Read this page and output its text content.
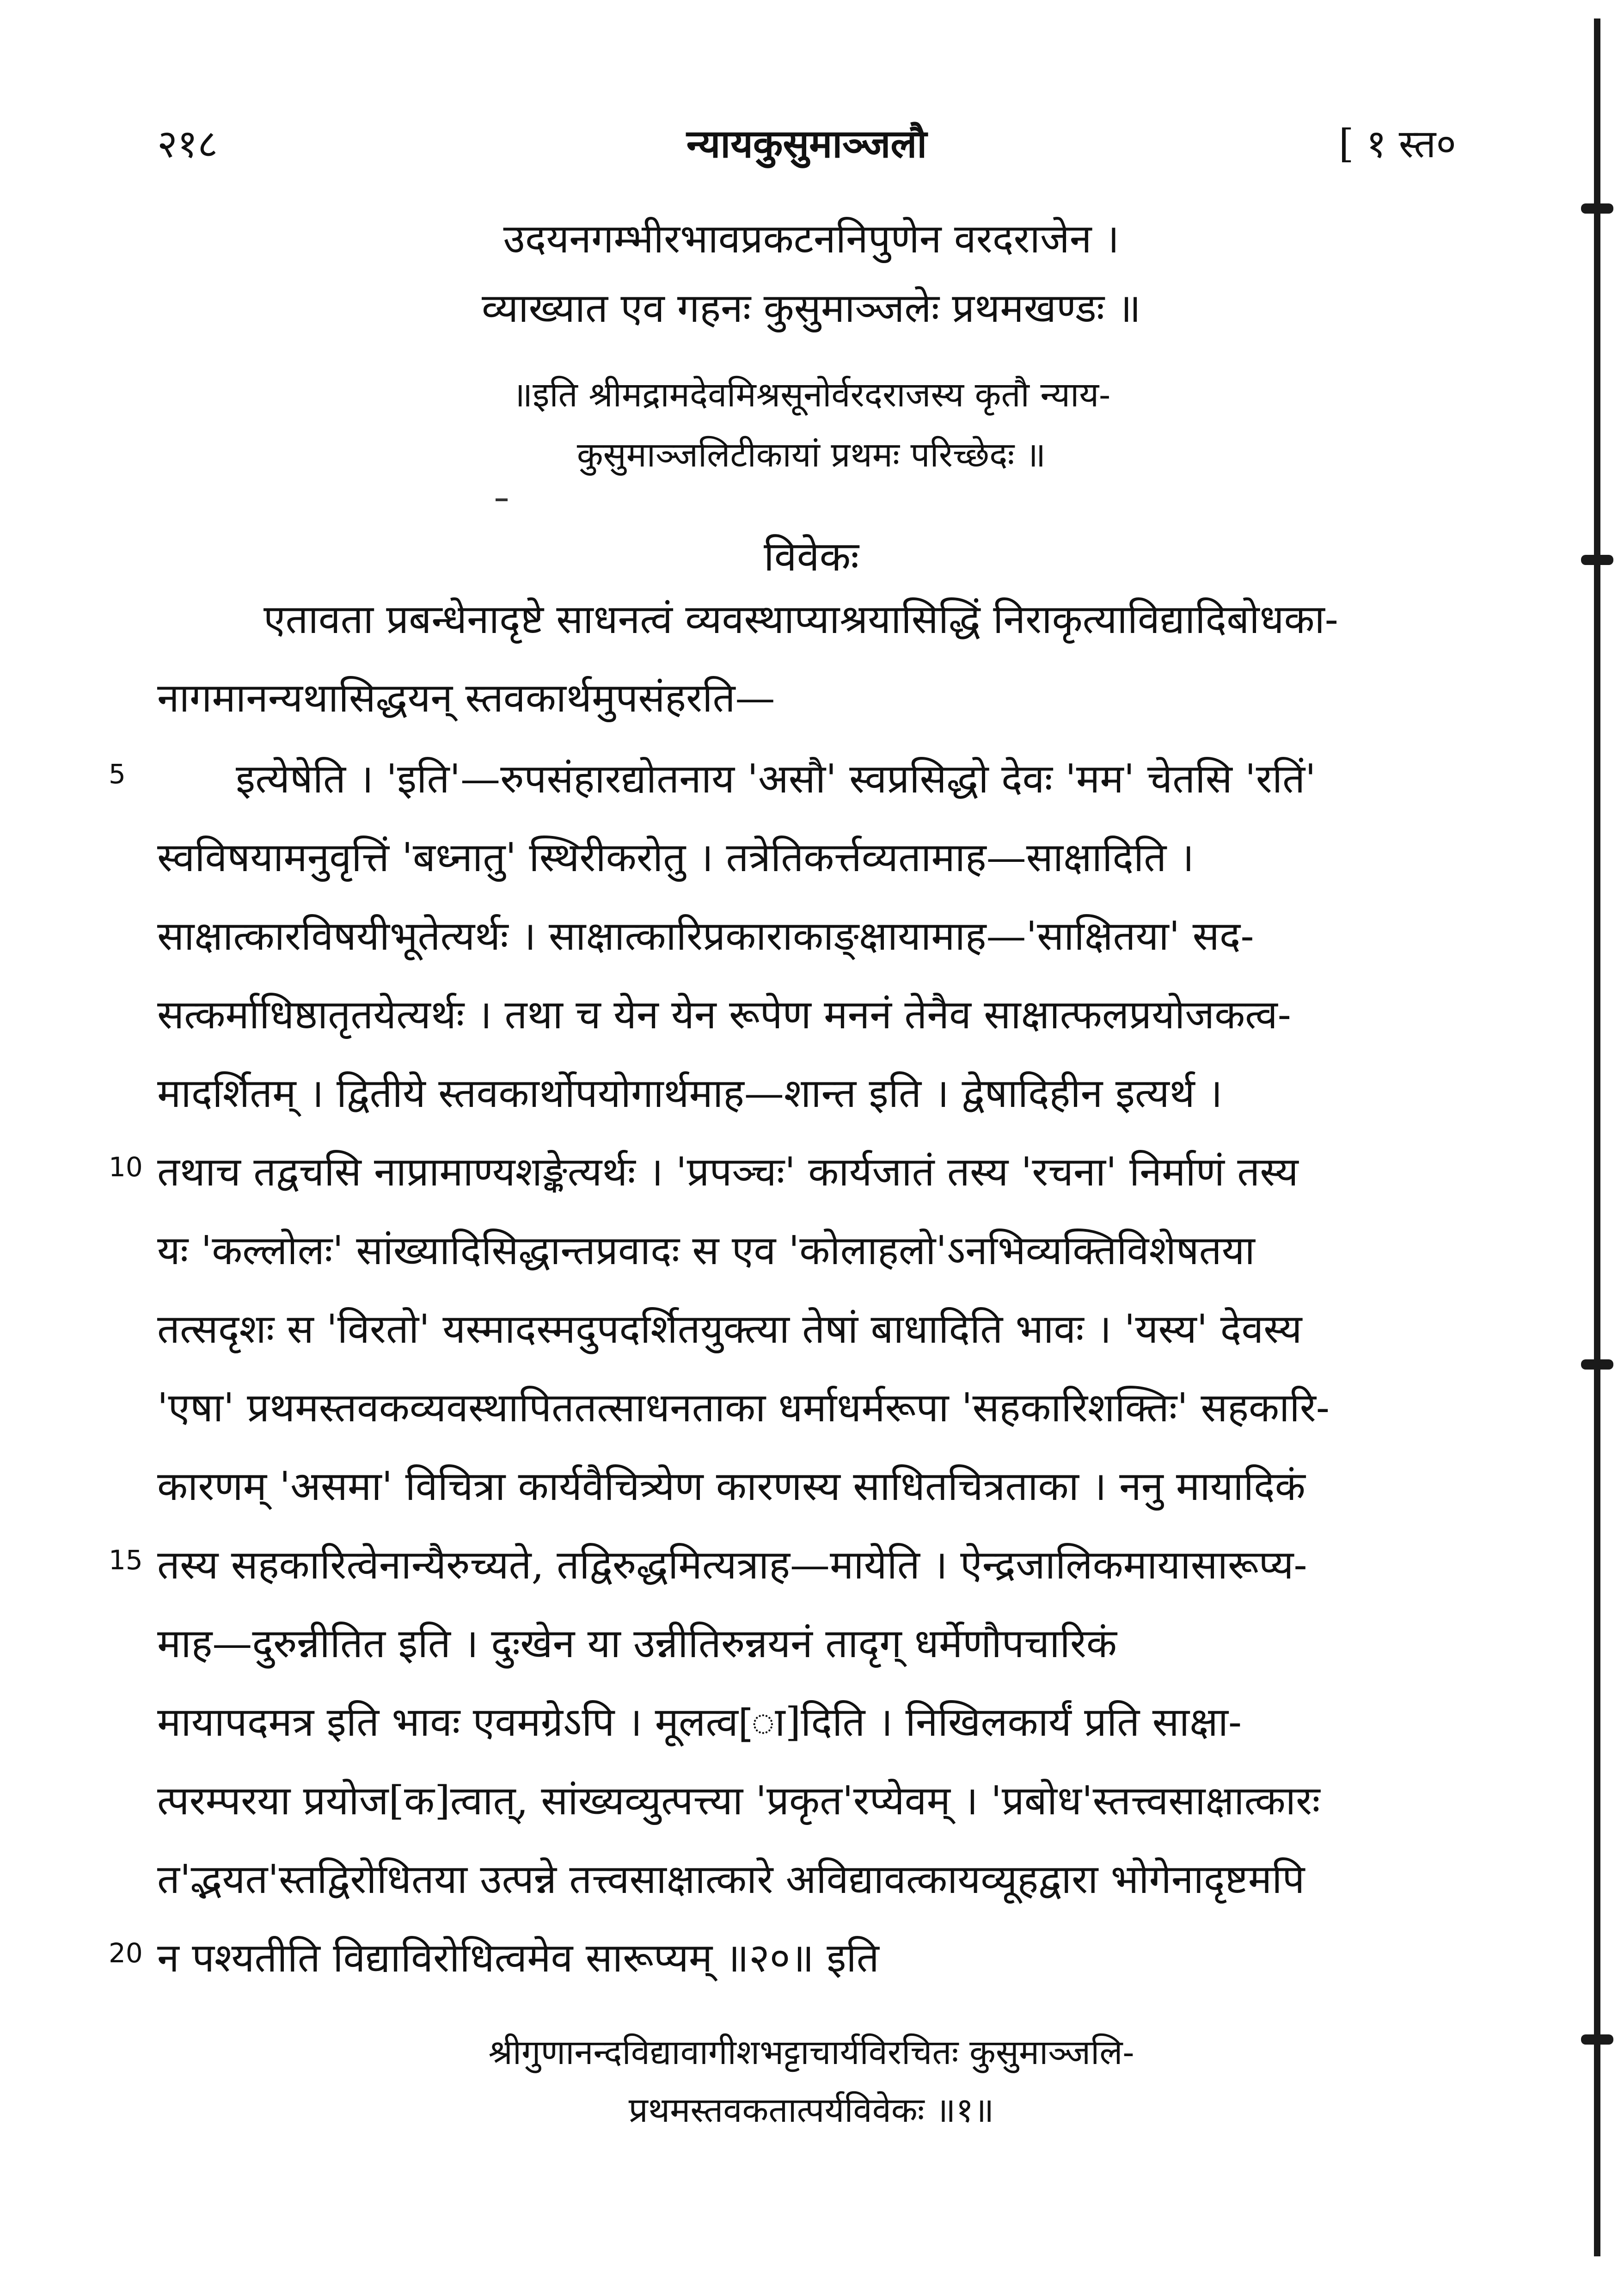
२१८	न्यायकुसुमाञ्जलौ	[ १ स्त०
उदयनगम्भीरभावप्रकटननिपुणेन वरदराजेन ।
व्याख्यात एव गहनः कुसुमाञ्जलेः प्रथमखण्डः ॥
॥इति श्रीमद्रामदेवमिश्रसूनोर्वरदराजस्य कृतौ न्याय-
कुसुमाञ्जलिटीकायां प्रथमः परिच्छेदः ॥
विवेकः
एतावता प्रबन्धेनादृष्टे साधनत्वं व्यवस्थाप्याश्रयासिद्धिं निराकृत्याविद्यादिबोधका-
नागमानन्यथासिद्धयन् स्तवकार्थमुपसंहरति—
इत्येषेति । 'इति'—रुपसंहारद्योतनाय 'असौ' स्वप्रसिद्धो देवः 'मम' चेतसि 'रतिं'
स्वविषयामनुवृत्तिं 'बध्नातु' स्थिरीकरोतु । तत्रेतिकर्त्तव्यतामाह—साक्षादिति ।
साक्षात्कारविषयीभूतेत्यर्थः । साक्षात्कारिप्रकाराकाङ्क्षायामाह—'साक्षितया' सद-
सत्कर्माधिष्ठातृतयेत्यर्थः । तथा च येन येन रूपेण मननं तेनैव साक्षात्फलप्रयोजकत्व-
मादर्शितम् । द्वितीये स्तवकार्थोपयोगार्थमाह—शान्त इति । द्वेषादिहीन इत्यर्थ ।
तथाच तद्वचसि नाप्रामाण्यशङ्केत्यर्थः । 'प्रपञ्चः' कार्यजातं तस्य 'रचना' निर्माणं तस्य
यः 'कल्लोलः' सांख्यादिसिद्धान्तप्रवादः स एव 'कोलाहलो'ऽनभिव्यक्तिविशेषतया
तत्सदृशः स 'विरतो' यस्मादस्मदुपदर्शितयुक्त्या तेषां बाधादिति भावः । 'यस्य' देवस्य
'एषा' प्रथमस्तवकव्यवस्थापिततत्साधनताका धर्माधर्मरूपा 'सहकारिशक्तिः' सहकारि-
कारणम् 'असमा' विचित्रा कार्यवैचित्र्येण कारणस्य साधितचित्रताका । ननु मायादिकं
तस्य सहकारित्वेनान्यैरुच्यते, तद्विरुद्धमित्यत्राह—मायेति । ऐन्द्रजालिकमायासारूप्य-
माह—दुरुन्नीतित इति । दुःखेन या उन्नीतिरुन्नयनं तादृग् धर्मेणौपचारिकं
मायापदमत्र इति भावः एवमग्रेऽपि । मूलत्व[ा]दिति । निखिलकार्यं प्रति साक्षा-
त्परम्परया प्रयोज[क]त्वात्, सांख्यव्युत्पत्त्या 'प्रकृत'रप्येवम् । 'प्रबोध'स्तत्त्वसाक्षात्कारः
त'द्भयत'स्तद्विरोधितया उत्पन्ने तत्त्वसाक्षात्कारे अविद्यावत्कायव्यूहद्वारा भोगेनादृष्टमपि
न पश्यतीति विद्याविरोधित्वमेव सारूप्यम् ॥२०॥ इति
5
10
15
20
श्रीगुणानन्दविद्यावागीशभट्टाचार्यविरचितः कुसुमाञ्जलि-
प्रथमस्तवकतात्पर्यविवेकः ॥१॥
